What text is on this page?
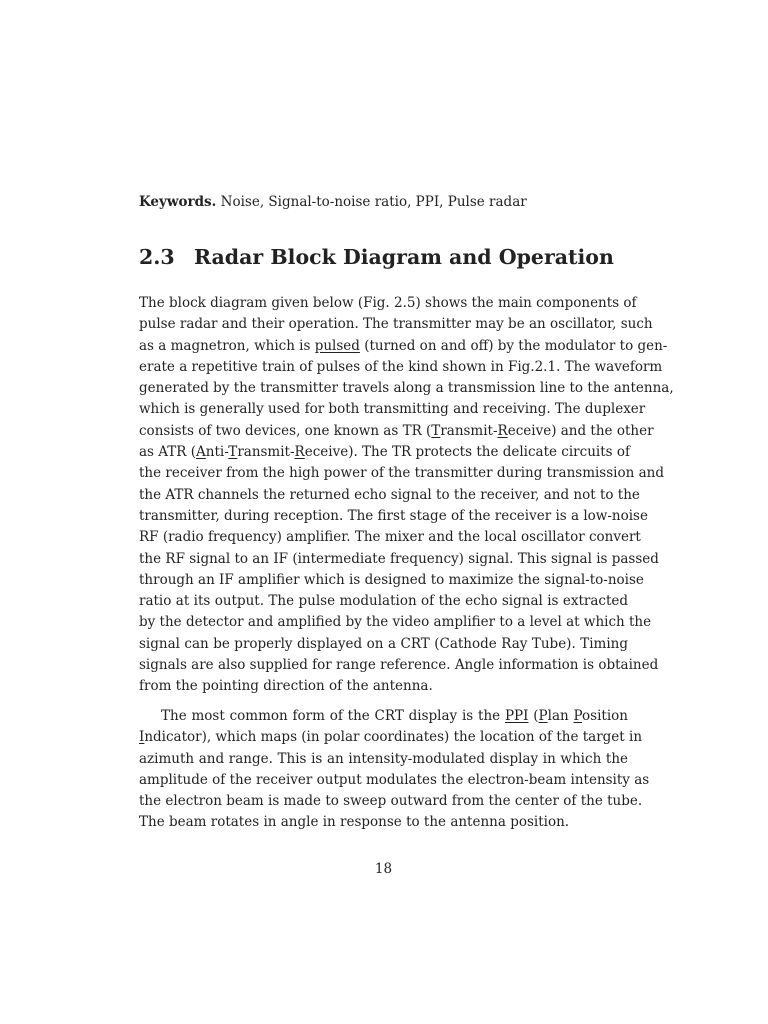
Keywords. Noise, Signal-to-noise ratio, PPI, Pulse radar
2.3 Radar Block Diagram and Operation
The block diagram given below (Fig. 2.5) shows the main components of
pulse radar and their operation. The transmitter may be an oscillator, such
as a magnetron, which is pulsed (turned on and off) by the modulator to gen-
erate a repetitive train of pulses of the kind shown in Fig.2.1. The waveform
generated by the transmitter travels along a transmission line to the antenna,
which is generally used for both transmitting and receiving. The duplexer
consists of two devices, one known as TR (Transmit-Receive) and the other
as ATR (Anti-Transmit-Receive). The TR protects the delicate circuits of
the receiver from the high power of the transmitter during transmission and
the ATR channels the returned echo signal to the receiver, and not to the
transmitter, during reception. The first stage of the receiver is a low-noise
RF (radio frequency) amplifier. The mixer and the local oscillator convert
the RF signal to an IF (intermediate frequency) signal. This signal is passed
through an IF amplifier which is designed to maximize the signal-to-noise
ratio at its output. The pulse modulation of the echo signal is extracted
by the detector and amplified by the video amplifier to a level at which the
signal can be properly displayed on a CRT (Cathode Ray Tube). Timing
signals are also supplied for range reference. Angle information is obtained
from the pointing direction of the antenna.
The most common form of the CRT display is the PPI (Plan Position
Indicator), which maps (in polar coordinates) the location of the target in
azimuth and range. This is an intensity-modulated display in which the
amplitude of the receiver output modulates the electron-beam intensity as
the electron beam is made to sweep outward from the center of the tube.
The beam rotates in angle in response to the antenna position.
18
